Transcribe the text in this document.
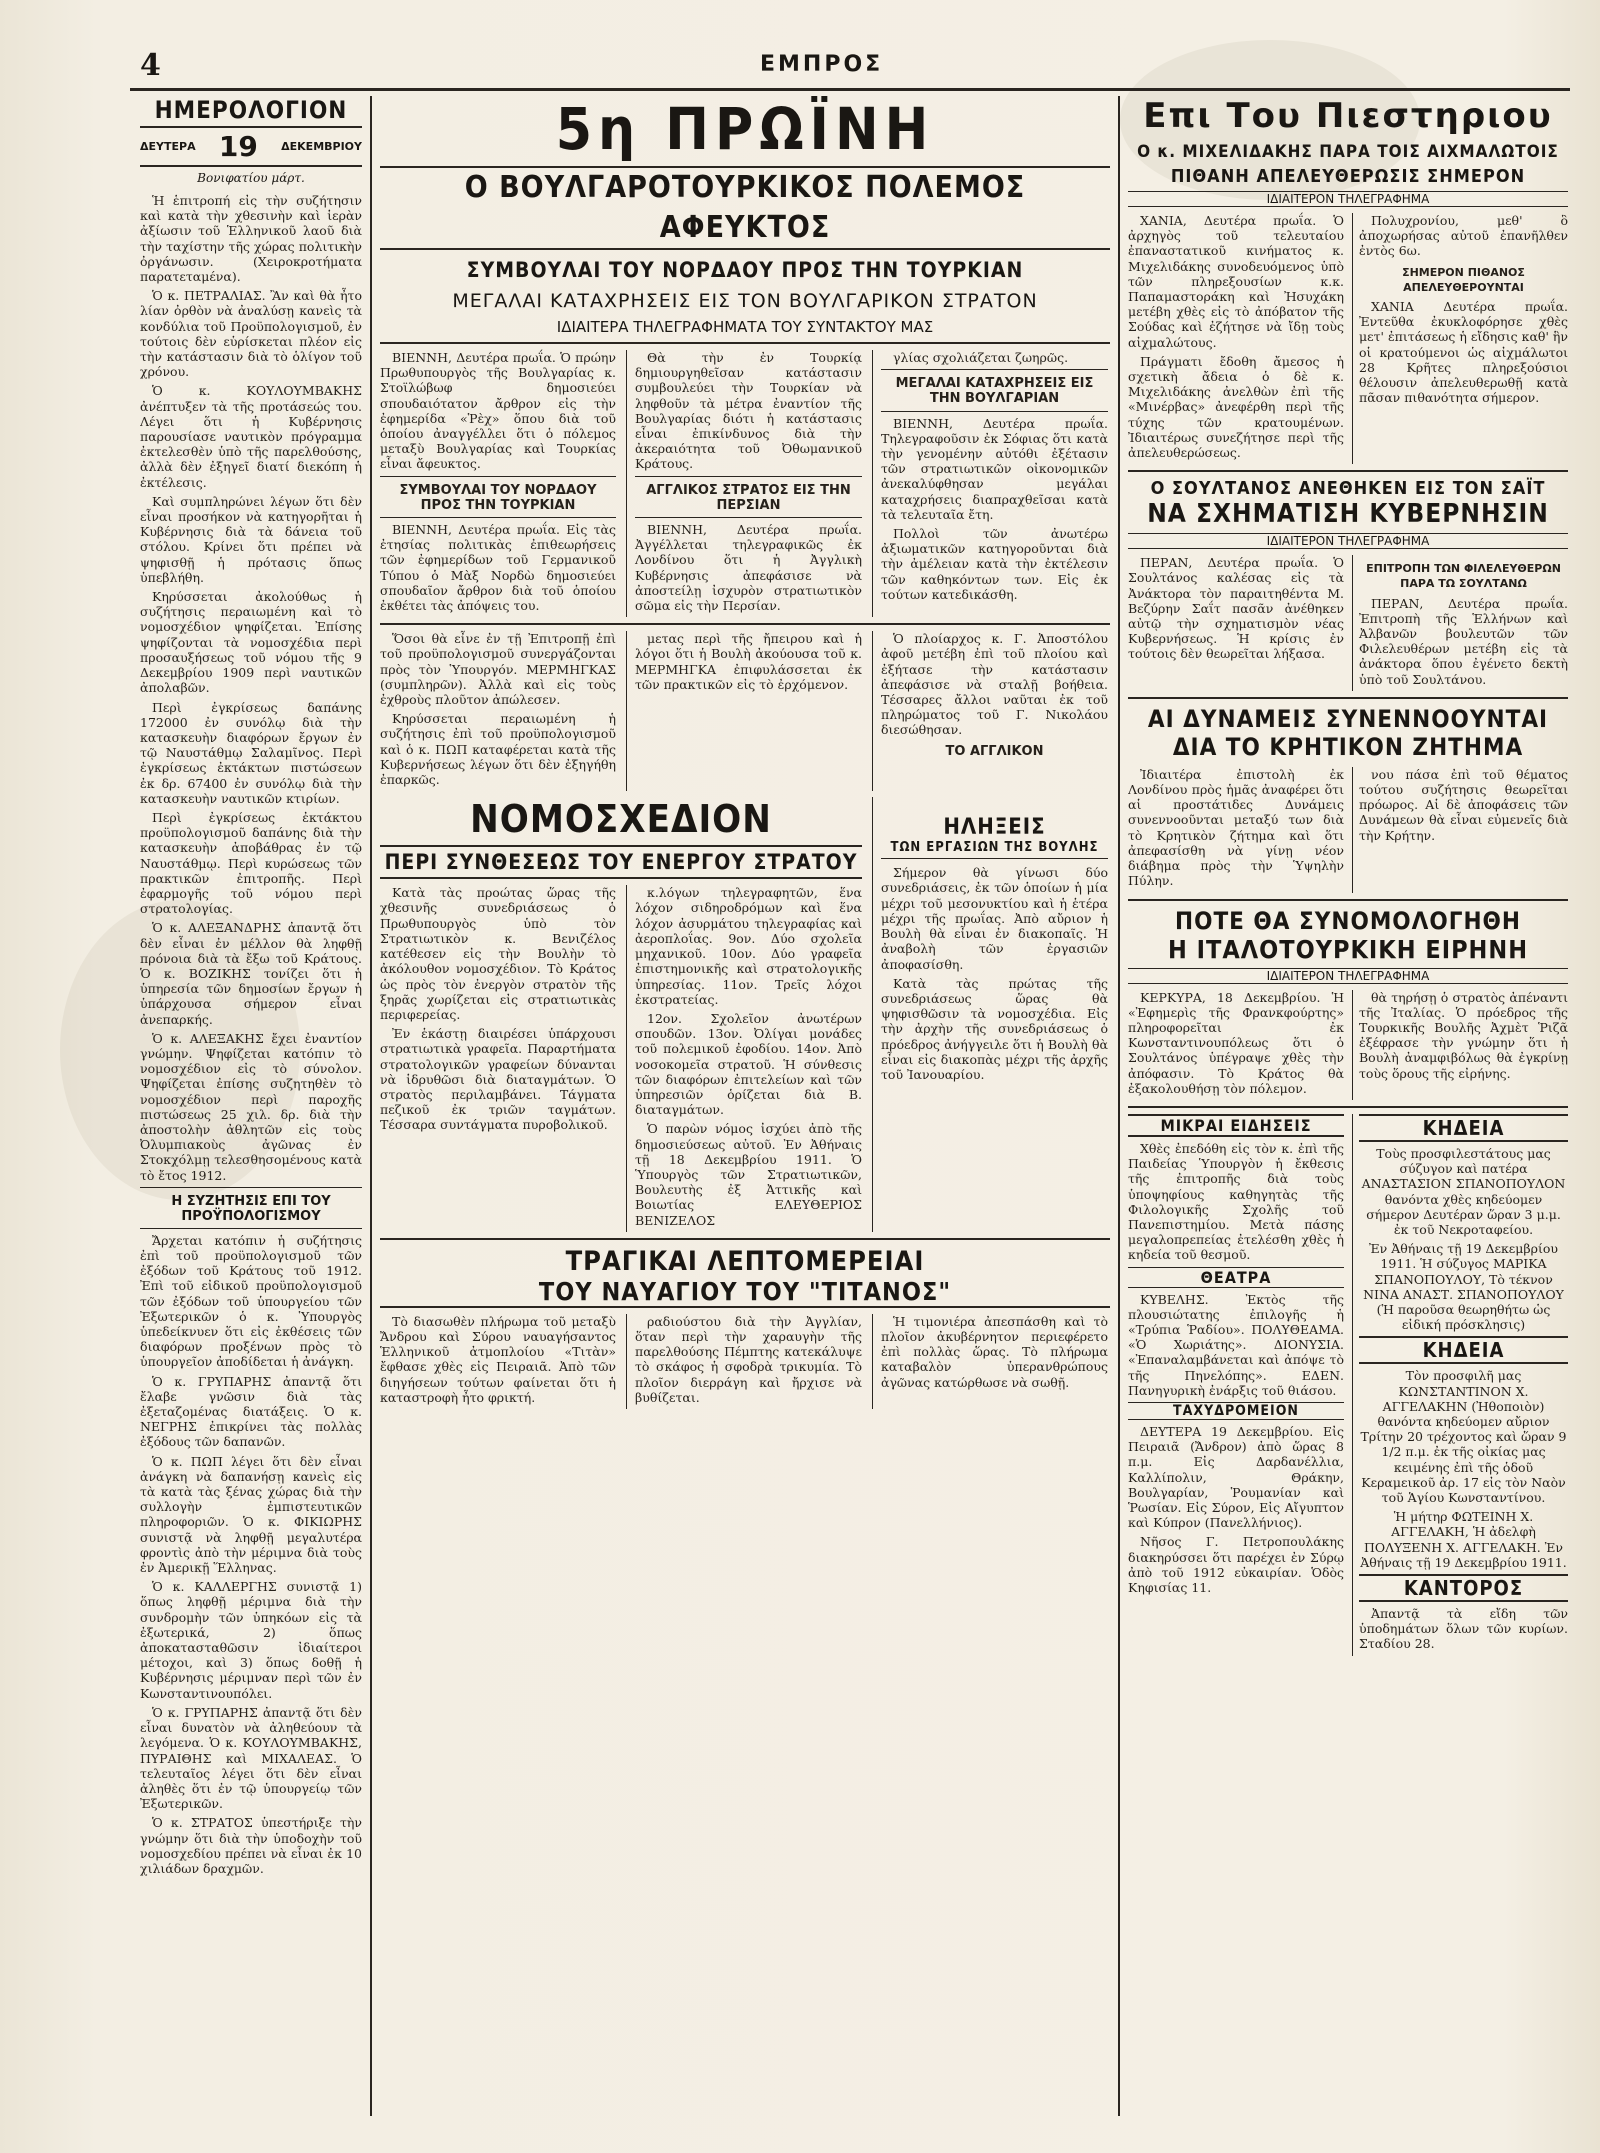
4	ΕΜΠΡΟΣ
ΗΜΕΡΟΛΟΓΙΟΝ
ΔΕΥΤΕΡΑ 19 ΔΕΚΕΜΒΡΙΟΥ
Βονιφατίου μάρτ.

Ἡ ἑπιτροπή εἰς τὴν συζήτησιν καὶ κατὰ τὴν χθεσινὴν καὶ ἱερὰν ἀξίωσιν τοῦ Ἑλληνικοῦ λαοῦ διὰ τὴν ταχίστην τῆς χώρας πολιτικὴν ὀργάνωσιν. (Χειροκροτήματα παρατεταμένα).

Ὁ κ. ΠΕΤΡΑΛΙΑΣ. Ἂν καὶ θὰ ἦτο λίαν ὀρθὸν νὰ ἀναλύσῃ κανεὶς τὰ κονδύλια τοῦ Προϋπολογισμοῦ, ἐν τούτοις δὲν εὑρίσκεται πλέον εἰς τὴν κατάστασιν διὰ τὸ ὁλίγον τοῦ χρόνου.

Ὁ κ. ΚΟΥΛΟΥΜΒΑΚΗΣ ἀνέπτυξεν τὰ τῆς προτάσεώς του. Λέγει ὅτι ἡ Κυβέρνησις παρουσίασε ναυτικὸν πρόγραμμα ἐκτελεσθὲν ὑπὸ τῆς παρελθούσης, ἀλλὰ δὲν ἐξηγεῖ διατί διεκόπη ἡ ἐκτέλεσις.

Καὶ συμπληρώνει λέγων ὅτι δὲν εἶναι προσήκον νὰ κατηγορῆται ἡ Κυβέρνησις διὰ τὰ δάνεια τοῦ στόλου. Κρίνει ὅτι πρέπει νὰ ψηφισθῇ ἡ πρότασις ὅπως ὑπεβλήθη.

Κηρύσσεται ἀκολούθως ἡ συζήτησις περαιωμένη καὶ τὸ νομοσχέδιον ψηφίζεται. Ἐπίσης ψηφίζονται τὰ νομοσχέδια περὶ προσαυξήσεως τοῦ νόμου τῆς 9 Δεκεμβρίου 1909 περὶ ναυτικῶν ἀπολαβῶν.

Περὶ ἐγκρίσεως δαπάνης 172000 ἐν συνόλῳ διὰ τὴν κατασκευὴν διαφόρων ἔργων ἐν τῷ Ναυστάθμῳ Σαλαμῖνος. Περὶ ἐγκρίσεως ἐκτάκτων πιστώσεων ἐκ δρ. 67400 ἐν συνόλῳ διὰ τὴν κατασκευὴν ναυτικῶν κτιρίων.

Περὶ ἐγκρίσεως ἐκτάκτου προϋπολογισμοῦ δαπάνης διὰ τὴν κατασκευὴν ἀποβάθρας ἐν τῷ Ναυστάθμῳ. Περὶ κυρώσεως τῶν πρακτικῶν ἐπιτροπῆς. Περὶ ἐφαρμογῆς τοῦ νόμου περὶ στρατολογίας.

Ὁ κ. ΑΛΕΞΑΝΔΡΗΣ ἀπαντᾷ ὅτι δὲν εἶναι ἐν μέλλον θὰ ληφθῇ πρόνοια διὰ τὰ ἔξω τοῦ Κράτους. Ὁ κ. ΒΟΖΙΚΗΣ τονίζει ὅτι ἡ ὑπηρεσία τῶν δημοσίων ἔργων ἡ ὑπάρχουσα σήμερον εἶναι ἀνεπαρκής.

Ὁ κ. ΑΛΕΞΑΚΗΣ ἔχει ἐναντίον γνώμην. Ψηφίζεται κατόπιν τὸ νομοσχέδιον εἰς τὸ σύνολον. Ψηφίζεται ἐπίσης συζητηθὲν τὸ νομοσχέδιον περὶ παροχῆς πιστώσεως 25 χιλ. δρ. διὰ τὴν ἀποστολὴν ἀθλητῶν εἰς τοὺς Ὀλυμπιακοὺς ἀγῶνας ἐν Στοκχόλμῃ τελεσθησομένους κατὰ τὸ ἔτος 1912.

Η ΣΥΖΗΤΗΣΙΣ ΕΠΙ ΤΟΥ ΠΡΟΫΠΟΛΟΓΙΣΜΟΥ

Ἄρχεται κατόπιν ἡ συζήτησις ἐπὶ τοῦ προϋπολογισμοῦ τῶν ἐξόδων τοῦ Κράτους τοῦ 1912. Ἐπὶ τοῦ εἰδικοῦ προϋπολογισμοῦ τῶν ἐξόδων τοῦ ὑπουργείου τῶν Ἐξωτερικῶν ὁ κ. Ὑπουργὸς ὑπεδείκνυεν ὅτι εἰς ἐκθέσεις τῶν διαφόρων προξένων πρὸς τὸ ὑπουργεῖον ἀποδίδεται ἡ ἀνάγκη.

Ὁ κ. ΓΡΥΠΑΡΗΣ ἀπαντᾷ ὅτι ἔλαβε γνῶσιν διὰ τὰς ἐξεταζομένας διατάξεις. Ὁ κ. ΝΕΓΡΗΣ ἐπικρίνει τὰς πολλὰς ἐξόδους τῶν δαπανῶν.

Ὁ κ. ΠΩΠ λέγει ὅτι δὲν εἶναι ἀνάγκη νὰ δαπανήσῃ κανεὶς εἰς τὰ κατὰ τὰς ξένας χώρας διὰ τὴν συλλογὴν ἐμπιστευτικῶν πληροφοριῶν. Ὁ κ. ΦΙΚΙΩΡΗΣ συνιστᾷ νὰ ληφθῇ μεγαλυτέρα φροντὶς ἀπὸ τὴν μέριμνα διὰ τοὺς ἐν Ἀμερικῇ Ἕλληνας.

Ὁ κ. ΚΑΛΛΕΡΓΗΣ συνιστᾷ 1) ὅπως ληφθῇ μέριμνα διὰ τὴν συνδρομὴν τῶν ὑπηκόων εἰς τὰ ἐξωτερικά, 2) ὅπως ἀποκατασταθῶσιν ἰδιαίτεροι μέτοχοι, καὶ 3) ὅπως δοθῇ ἡ Κυβέρνησις μέριμναν περὶ τῶν ἐν Κωνσταντινουπόλει.

Ὁ κ. ΓΡΥΠΑΡΗΣ ἀπαντᾷ ὅτι δὲν εἶναι δυνατὸν νὰ ἀληθεύουν τὰ λεγόμενα. Ὁ κ. ΚΟΥΛΟΥΜΒΑΚΗΣ, ΠΥΡΑΙΘΗΣ καὶ ΜΙΧΑΛΕΑΣ. Ὁ τελευταῖος λέγει ὅτι δὲν εἶναι ἀληθὲς ὅτι ἐν τῷ ὑπουργείῳ τῶν Ἐξωτερικῶν.

Ὁ κ. ΣΤΡΑΤΟΣ ὑπεστήριξε τὴν γνώμην ὅτι διὰ τὴν ὑποδοχὴν τοῦ νομοσχεδίου πρέπει νὰ εἶναι ἐκ 10 χιλιάδων δραχμῶν.

5η ΠΡΩΪΝΗ
Ο ΒΟΥΛΓΑΡΟΤΟΥΡΚΙΚΟΣ ΠΟΛΕΜΟΣ ΑΦΕΥΚΤΟΣ
ΣΥΜΒΟΥΛΑΙ ΤΟΥ ΝΟΡΔΑΟΥ ΠΡΟΣ ΤΗΝ ΤΟΥΡΚΙΑΝ
ΜΕΓΑΛΑΙ ΚΑΤΑΧΡΗΣΕΙΣ ΕΙΣ ΤΟΝ ΒΟΥΛΓΑΡΙΚΟΝ ΣΤΡΑΤΟΝ
ΙΔΙΑΙΤΕΡΑ ΤΗΛΕΓΡΑΦΗΜΑΤΑ ΤΟΥ ΣΥΝΤΑΚΤΟΥ ΜΑΣ

ΒΙΕΝΝΗ, Δευτέρα πρωΐα. Ὁ πρώην Πρωθυπουργὸς τῆς Βουλγαρίας κ. Στοϊλώβωφ δημοσιεύει σπουδαιότατον ἄρθρον εἰς τὴν ἐφημερίδα «Ῥὲχ» ὅπου διὰ τοῦ ὁποίου ἀναγγέλλει ὅτι ὁ πόλεμος μεταξὺ Βουλγαρίας καὶ Τουρκίας εἶναι ἄφευκτος.

ΣΥΜΒΟΥΛΑΙ ΤΟΥ ΝΟΡΔΑΟΥ ΠΡΟΣ ΤΗΝ ΤΟΥΡΚΙΑΝ

ΒΙΕΝΝΗ, Δευτέρα πρωΐα. Εἰς τὰς ἐτησίας πολιτικὰς ἐπιθεωρήσεις τῶν ἐφημερίδων τοῦ Γερμανικοῦ Τύπου ὁ Μὰξ Νορδὼ δημοσιεύει σπουδαῖον ἄρθρον διὰ τοῦ ὁποίου ἐκθέτει τὰς ἀπόψεις του.

Θὰ τὴν ἐν Τουρκίᾳ δημιουργηθεῖσαν κατάστασιν συμβουλεύει τὴν Τουρκίαν νὰ ληφθοῦν τὰ μέτρα ἐναντίον τῆς Βουλγαρίας διότι ἡ κατάστασις εἶναι ἐπικίνδυνος διὰ τὴν ἀκεραιότητα τοῦ Ὀθωμανικοῦ Κράτους.

ΑΓΓΛΙΚΟΣ ΣΤΡΑΤΟΣ ΕΙΣ ΤΗΝ ΠΕΡΣΙΑΝ

ΒΙΕΝΝΗ, Δευτέρα πρωΐα. Ἀγγέλλεται τηλεγραφικῶς ἐκ Λονδίνου ὅτι ἡ Ἀγγλικὴ Κυβέρνησις ἀπεφάσισε νὰ ἀποστείλῃ ἰσχυρὸν στρατιωτικὸν σῶμα εἰς τὴν Περσίαν.

γλίας σχολιάζεται ζωηρῶς.

ΜΕΓΑΛΑΙ ΚΑΤΑΧΡΗΣΕΙΣ ΕΙΣ ΤΗΝ ΒΟΥΛΓΑΡΙΑΝ

ΒΙΕΝΝΗ, Δευτέρα πρωΐα. Τηλεγραφοῦσιν ἐκ Σόφιας ὅτι κατὰ τὴν γενομένην αὐτόθι ἐξέτασιν τῶν στρατιωτικῶν οἰκονομικῶν ἀνεκαλύφθησαν μεγάλαι καταχρήσεις διαπραχθεῖσαι κατὰ τὰ τελευταῖα ἔτη.

Πολλοὶ τῶν ἀνωτέρω ἀξιωματικῶν κατηγοροῦνται διὰ τὴν ἀμέλειαν κατὰ τὴν ἐκτέλεσιν τῶν καθηκόντων των. Εἰς ἐκ τούτων κατεδικάσθη.

Ὅσοι θὰ εἶνε ἐν τῇ Ἐπιτροπῇ ἐπὶ τοῦ προϋπολογισμοῦ συνεργάζονται πρὸς τὸν Ὑπουργόν. ΜΕΡΜΗΓΚΑΣ (συμπληρῶν). Ἀλλὰ καὶ εἰς τοὺς ἐχθροὺς πλοῦτον ἀπώλεσεν.

Κηρύσσεται περαιωμένη ἡ συζήτησις ἐπὶ τοῦ προϋπολογισμοῦ καὶ ὁ κ. ΠΩΠ καταφέρεται κατὰ τῆς Κυβερνήσεως λέγων ὅτι δὲν ἐξηγήθη ἐπαρκῶς.

μετας περὶ τῆς ἤπειρου καὶ ἡ λόγοι ὅτι ἡ Βουλὴ ἀκούουσα τοῦ κ. ΜΕΡΜΗΓΚΑ ἐπιφυλάσσεται ἐκ τῶν πρακτικῶν εἰς τὸ ἐρχόμενον.

Ὁ πλοίαρχος κ. Γ. Ἀποστόλου ἀφοῦ μετέβη ἐπὶ τοῦ πλοίου καὶ ἐξήτασε τὴν κατάστασιν ἀπεφάσισε νὰ σταλῇ βοήθεια. Τέσσαρες ἄλλοι ναῦται ἐκ τοῦ πληρώματος τοῦ Γ. Νικολάου διεσώθησαν.

ΤΟ ΑΓΓΛΙΚΟΝ
ΝΟΜΟΣΧΕΔΙΟΝ
ΠΕΡΙ ΣΥΝΘΕΣΕΩΣ ΤΟΥ ΕΝΕΡΓΟΥ ΣΤΡΑΤΟΥ

Κατὰ τὰς προώτας ὥρας τῆς χθεσινῆς συνεδριάσεως ὁ Πρωθυπουργὸς ὑπὸ τὸν Στρατιωτικὸν κ. Βενιζέλος κατέθεσεν εἰς τὴν Βουλὴν τὸ ἀκόλουθον νομοσχέδιον. Τὸ Κράτος ὡς πρὸς τὸν ἐνεργὸν στρατὸν τῆς ξηρᾶς χωρίζεται εἰς στρατιωτικὰς περιφερείας.

Ἐν ἑκάστῃ διαιρέσει ὑπάρχουσι στρατιωτικὰ γραφεῖα. Παραρτήματα στρατολογικῶν γραφείων δύνανται νὰ ἱδρυθῶσι διὰ διαταγμάτων. Ὁ στρατὸς περιλαμβάνει. Τάγματα πεζικοῦ ἐκ τριῶν ταγμάτων. Τέσσαρα συντάγματα πυροβολικοῦ.

κ.λόγων τηλεγραφητῶν, ἕνα λόχον σιδηροδρόμων καὶ ἕνα λόχον ἀσυρμάτου τηλεγραφίας καὶ ἀεροπλοΐας. 9ον. Δύο σχολεῖα μηχανικοῦ. 10ον. Δύο γραφεῖα ἐπιστημονικῆς καὶ στρατολογικῆς ὑπηρεσίας. 11ον. Τρεῖς λόχοι ἐκστρατείας.

12ον. Σχολεῖον ἀνωτέρων σπουδῶν. 13ον. Ὀλίγαι μονάδες τοῦ πολεμικοῦ ἐφοδίου. 14ον. Ἀπὸ νοσοκομεῖα στρατοῦ. Ἡ σύνθεσις τῶν διαφόρων ἐπιτελείων καὶ τῶν ὑπηρεσιῶν ὁρίζεται διὰ Β. διαταγμάτων.

Ὁ παρὼν νόμος ἰσχύει ἀπὸ τῆς δημοσιεύσεως αὐτοῦ. Ἐν Ἀθήναις τῇ 18 Δεκεμβρίου 1911. Ὁ Ὑπουργὸς τῶν Στρατιωτικῶν, Βουλευτὴς ἐξ Ἀττικῆς καὶ Βοιωτίας ΕΛΕΥΘΕΡΙΟΣ ΒΕΝΙΖΕΛΟΣ

ΗΛΗΞΕΙΣ
ΤΩΝ ΕΡΓΑΣΙΩΝ ΤΗΣ ΒΟΥΛΗΣ

Σήμερον θὰ γίνωσι δύο συνεδριάσεις, ἐκ τῶν ὁποίων ἡ μία μέχρι τοῦ μεσονυκτίου καὶ ἡ ἑτέρα μέχρι τῆς πρωΐας. Ἀπὸ αὔριον ἡ Βουλὴ θὰ εἶναι ἐν διακοπαῖς. Ἡ ἀναβολὴ τῶν ἐργασιῶν ἀποφασίσθη.

Κατὰ τὰς πρώτας τῆς συνεδριάσεως ὥρας θὰ ψηφισθῶσιν τὰ νομοσχέδια. Εἰς τὴν ἀρχὴν τῆς συνεδριάσεως ὁ πρόεδρος ἀνήγγειλε ὅτι ἡ Βουλὴ θὰ εἶναι εἰς διακοπὰς μέχρι τῆς ἀρχῆς τοῦ Ἰανουαρίου.

ΤΡΑΓΙΚΑΙ ΛΕΠΤΟΜΕΡΕΙΑΙ
ΤΟΥ ΝΑΥΑΓΙΟΥ ΤΟΥ "ΤΙΤΑΝΟΣ"

Τὸ διασωθὲν πλήρωμα τοῦ μεταξὺ Ἄνδρου καὶ Σύρου ναυαγήσαντος Ἑλληνικοῦ ἀτμοπλοίου «Τιτὰν» ἔφθασε χθὲς εἰς Πειραιᾶ. Ἀπὸ τῶν διηγήσεων τούτων φαίνεται ὅτι ἡ καταστροφὴ ἦτο φρικτή.

ραδιούστου διὰ τὴν Ἀγγλίαν, ὅταν περὶ τὴν χαραυγὴν τῆς παρελθούσης Πέμπτης κατεκάλυψε τὸ σκάφος ἡ σφοδρὰ τρικυμία. Τὸ πλοῖον διερράγη καὶ ἤρχισε νὰ βυθίζεται.

Ἡ τιμονιέρα ἀπεσπάσθη καὶ τὸ πλοῖον ἀκυβέρνητον περιεφέρετο ἐπὶ πολλὰς ὥρας. Τὸ πλήρωμα καταβαλὸν ὑπερανθρώπους ἀγῶνας κατώρθωσε νὰ σωθῇ.

Επι Του Πιεστηριου
Ο κ. ΜΙΧΕΛΙΔΑΚΗΣ ΠΑΡΑ ΤΟΙΣ ΑΙΧΜΑΛΩΤΟΙΣ
ΠΙΘΑΝΗ ΑΠΕΛΕΥΘΕΡΩΣΙΣ ΣΗΜΕΡΟΝ
ΙΔΙΑΙΤΕΡΟΝ ΤΗΛΕΓΡΑΦΗΜΑ

ΧΑΝΙΑ, Δευτέρα πρωΐα. Ὁ ἀρχηγὸς τοῦ τελευταίου ἐπαναστατικοῦ κινήματος κ. Μιχελιδάκης συνοδευόμενος ὑπὸ τῶν πληρεξουσίων κ.κ. Παπαμαστοράκη καὶ Ἠσυχάκη μετέβη χθὲς εἰς τὸ ἀπόβατον τῆς Σούδας καὶ ἐζήτησε νὰ ἴδῃ τοὺς αἰχμαλώτους.

Πράγματι ἔδοθη ἄμεσος ἡ σχετικὴ ἄδεια ὁ δὲ κ. Μιχελιδάκης ἀνελθὼν ἐπὶ τῆς «Μινέρβας» ἀνεφέρθη περὶ τῆς τύχης τῶν κρατουμένων. Ἰδιαιτέρως συνεζήτησε περὶ τῆς ἀπελευθερώσεως.

Πολυχρονίου, μεθ' ὃ ἀποχωρήσας αὐτοῦ ἐπανῆλθεν ἐντὸς 6ω.

ΣΗΜΕΡΟΝ ΠΙΘΑΝΟΣ ΑΠΕΛΕΥΘΕΡΟΥΝΤΑΙ

ΧΑΝΙΑ Δευτέρα πρωΐα. Ἐντεῦθα ἐκυκλοφόρησε χθὲς μετ' ἐπιτάσεως ἡ εἴδησις καθ' ἣν οἱ κρατούμενοι ὡς αἰχμάλωτοι 28 Κρῆτες πληρεξούσιοι θέλουσιν ἀπελευθερωθῇ κατὰ πᾶσαν πιθανότητα σήμερον.

Ο ΣΟΥΛΤΑΝΟΣ ΑΝΕΘΗΚΕΝ ΕΙΣ ΤΟΝ ΣΑΪΤ
ΝΑ ΣΧΗΜΑΤΙΣΗ ΚΥΒΕΡΝΗΣΙΝ
ΙΔΙΑΙΤΕΡΟΝ ΤΗΛΕΓΡΑΦΗΜΑ

ΠΕΡΑΝ, Δευτέρα πρωΐα. Ὁ Σουλτάνος καλέσας εἰς τὰ Ἀνάκτορα τὸν παραιτηθέντα Μ. Βεζύρην Σαΐτ πασᾶν ἀνέθηκεν αὐτῷ τὴν σχηματισμὸν νέας Κυβερνήσεως. Ἡ κρίσις ἐν τούτοις δὲν θεωρεῖται λήξασα.

ΕΠΙΤΡΟΠΗ ΤΩΝ ΦΙΛΕΛΕΥΘΕΡΩΝ ΠΑΡΑ ΤΩ ΣΟΥΛΤΑΝΩ

ΠΕΡΑΝ, Δευτέρα πρωΐα. Ἐπιτροπὴ τῆς Ἑλλήνων καὶ Ἀλβανῶν βουλευτῶν τῶν Φιλελευθέρων μετέβη εἰς τὰ ἀνάκτορα ὅπου ἐγένετο δεκτὴ ὑπὸ τοῦ Σουλτάνου.

ΑΙ ΔΥΝΑΜΕΙΣ ΣΥΝΕΝΝΟΟΥΝΤΑΙ
ΔΙΑ ΤΟ ΚΡΗΤΙΚΟΝ ΖΗΤΗΜΑ

Ἰδιαιτέρα ἐπιστολὴ ἐκ Λονδίνου πρὸς ἡμᾶς ἀναφέρει ὅτι αἱ προστάτιδες Δυνάμεις συνεννοοῦνται μεταξύ των διὰ τὸ Κρητικὸν ζήτημα καὶ ὅτι ἀπεφασίσθη νὰ γίνῃ νέον διάβημα πρὸς τὴν Ὑψηλὴν Πύλην.

νου πάσα ἐπὶ τοῦ θέματος τούτου συζήτησις θεωρεῖται πρόωρος. Αἱ δὲ ἀποφάσεις τῶν Δυνάμεων θὰ εἶναι εὐμενεῖς διὰ τὴν Κρήτην.

ΠΟΤΕ ΘΑ ΣΥΝΟΜΟΛΟΓΗΘΗ
Η ΙΤΑΛΟΤΟΥΡΚΙΚΗ ΕΙΡΗΝΗ
ΙΔΙΑΙΤΕΡΟΝ ΤΗΛΕΓΡΑΦΗΜΑ

ΚΕΡΚΥΡΑ, 18 Δεκεμβρίου. Ἡ «Ἐφημερὶς τῆς Φρανκφούρτης» πληροφορεῖται ἐκ Κωνσταντινουπόλεως ὅτι ὁ Σουλτάνος ὑπέγραψε χθὲς τὴν ἀπόφασιν. Τὸ Κράτος θὰ ἐξακολουθήσῃ τὸν πόλεμον.

θὰ τηρήσῃ ὁ στρατὸς ἀπέναντι τῆς Ἰταλίας. Ὁ πρόεδρος τῆς Τουρκικῆς Βουλῆς Ἀχμὲτ Ῥιζᾶ ἐξέφρασε τὴν γνώμην ὅτι ἡ Βουλὴ ἀναμφιβόλως θὰ ἐγκρίνῃ τοὺς ὅρους τῆς εἰρήνης.

ΜΙΚΡΑΙ ΕΙΔΗΣΕΙΣ

Χθὲς ἐπεδόθη εἰς τὸν κ. ἐπὶ τῆς Παιδείας Ὑπουργὸν ἡ ἔκθεσις τῆς ἐπιτροπῆς διὰ τοὺς ὑποψηφίους καθηγητὰς τῆς Φιλολογικῆς Σχολῆς τοῦ Πανεπιστημίου. Μετὰ πάσης μεγαλοπρεπείας ἐτελέσθη χθὲς ἡ κηδεία τοῦ θεσμοῦ.

ΘΕΑΤΡΑ

ΚΥΒΕΛΗΣ. Ἐκτὸς τῆς πλουσιώτατης ἐπιλογῆς ἡ «Τρύπια Ῥαδίου». ΠΟΛΥΘΕΑΜΑ. «Ὁ Χωριάτης». ΔΙΟΝΥΣΙΑ. «Ἐπαναλαμβάνεται καὶ ἀπόψε τὸ τῆς Πηνελόπης». ΕΔΕΝ. Πανηγυρικὴ ἐνάρξις τοῦ θιάσου.

ΤΑΧΥΔΡΟΜΕΙΟΝ

ΔΕΥΤΕΡΑ 19 Δεκεμβρίου. Εἰς Πειραιᾶ (Ἄνδρον) ἀπὸ ὥρας 8 π.μ. Εἰς Δαρδανέλλια, Καλλίπολιν, Θράκην, Βουλγαρίαν, Ῥουμανίαν καὶ Ῥωσίαν. Εἰς Σύρον, Εἰς Αἴγυπτον καὶ Κύπρον (Πανελλήνιος).

Νῆσος Γ. Πετροπουλάκης διακηρύσσει ὅτι παρέχει ἐν Σύρῳ ἀπὸ τοῦ 1912 εὐκαιρίαν. Ὁδὸς Κηφισίας 11.

ΚΗΔΕΙΑ

Τοὺς προσφιλεστάτους μας σύζυγον καὶ πατέρα ΑΝΑΣΤΑΣΙΟΝ ΣΠΑΝΟΠΟΥΛΟΝ θανόντα χθὲς κηδεύομεν σήμερον Δευτέραν ὥραν 3 μ.μ. ἐκ τοῦ Νεκροταφείου.

Ἐν Ἀθήναις τῇ 19 Δεκεμβρίου 1911. Ἡ σύζυγος ΜΑΡΙΚΑ ΣΠΑΝΟΠΟΥΛΟΥ, Τὸ τέκνον ΝΙΝΑ ΑΝΑΣΤ. ΣΠΑΝΟΠΟΥΛΟΥ (Ἡ παροῦσα θεωρηθήτω ὡς εἰδική πρόσκλησις)

ΚΗΔΕΙΑ

Τὸν προσφιλῆ μας ΚΩΝΣΤΑΝΤΙΝΟΝ Χ. ΑΓΓΕΛΑΚΗΝ (Ἠθοποιὸν) θανόντα κηδεύομεν αὔριον Τρίτην 20 τρέχοντος καὶ ὥραν 9 1/2 π.μ. ἐκ τῆς οἰκίας μας κειμένης ἐπὶ τῆς ὁδοῦ Κεραμεικοῦ ἀρ. 17 εἰς τὸν Ναὸν τοῦ Ἁγίου Κωνσταντίνου.

Ἡ μήτηρ ΦΩΤΕΙΝΗ Χ. ΑΓΓΕΛΑΚΗ, Ἡ ἀδελφὴ ΠΟΛΥΞΕΝΗ Χ. ΑΓΓΕΛΑΚΗ. Ἐν Ἀθήναις τῇ 19 Δεκεμβρίου 1911.

ΚΑΝΤΟΡΟΣ

Ἀπαντᾷ τὰ εἴδη τῶν ὑποδημάτων ὅλων τῶν κυρίων. Σταδίου 28.
